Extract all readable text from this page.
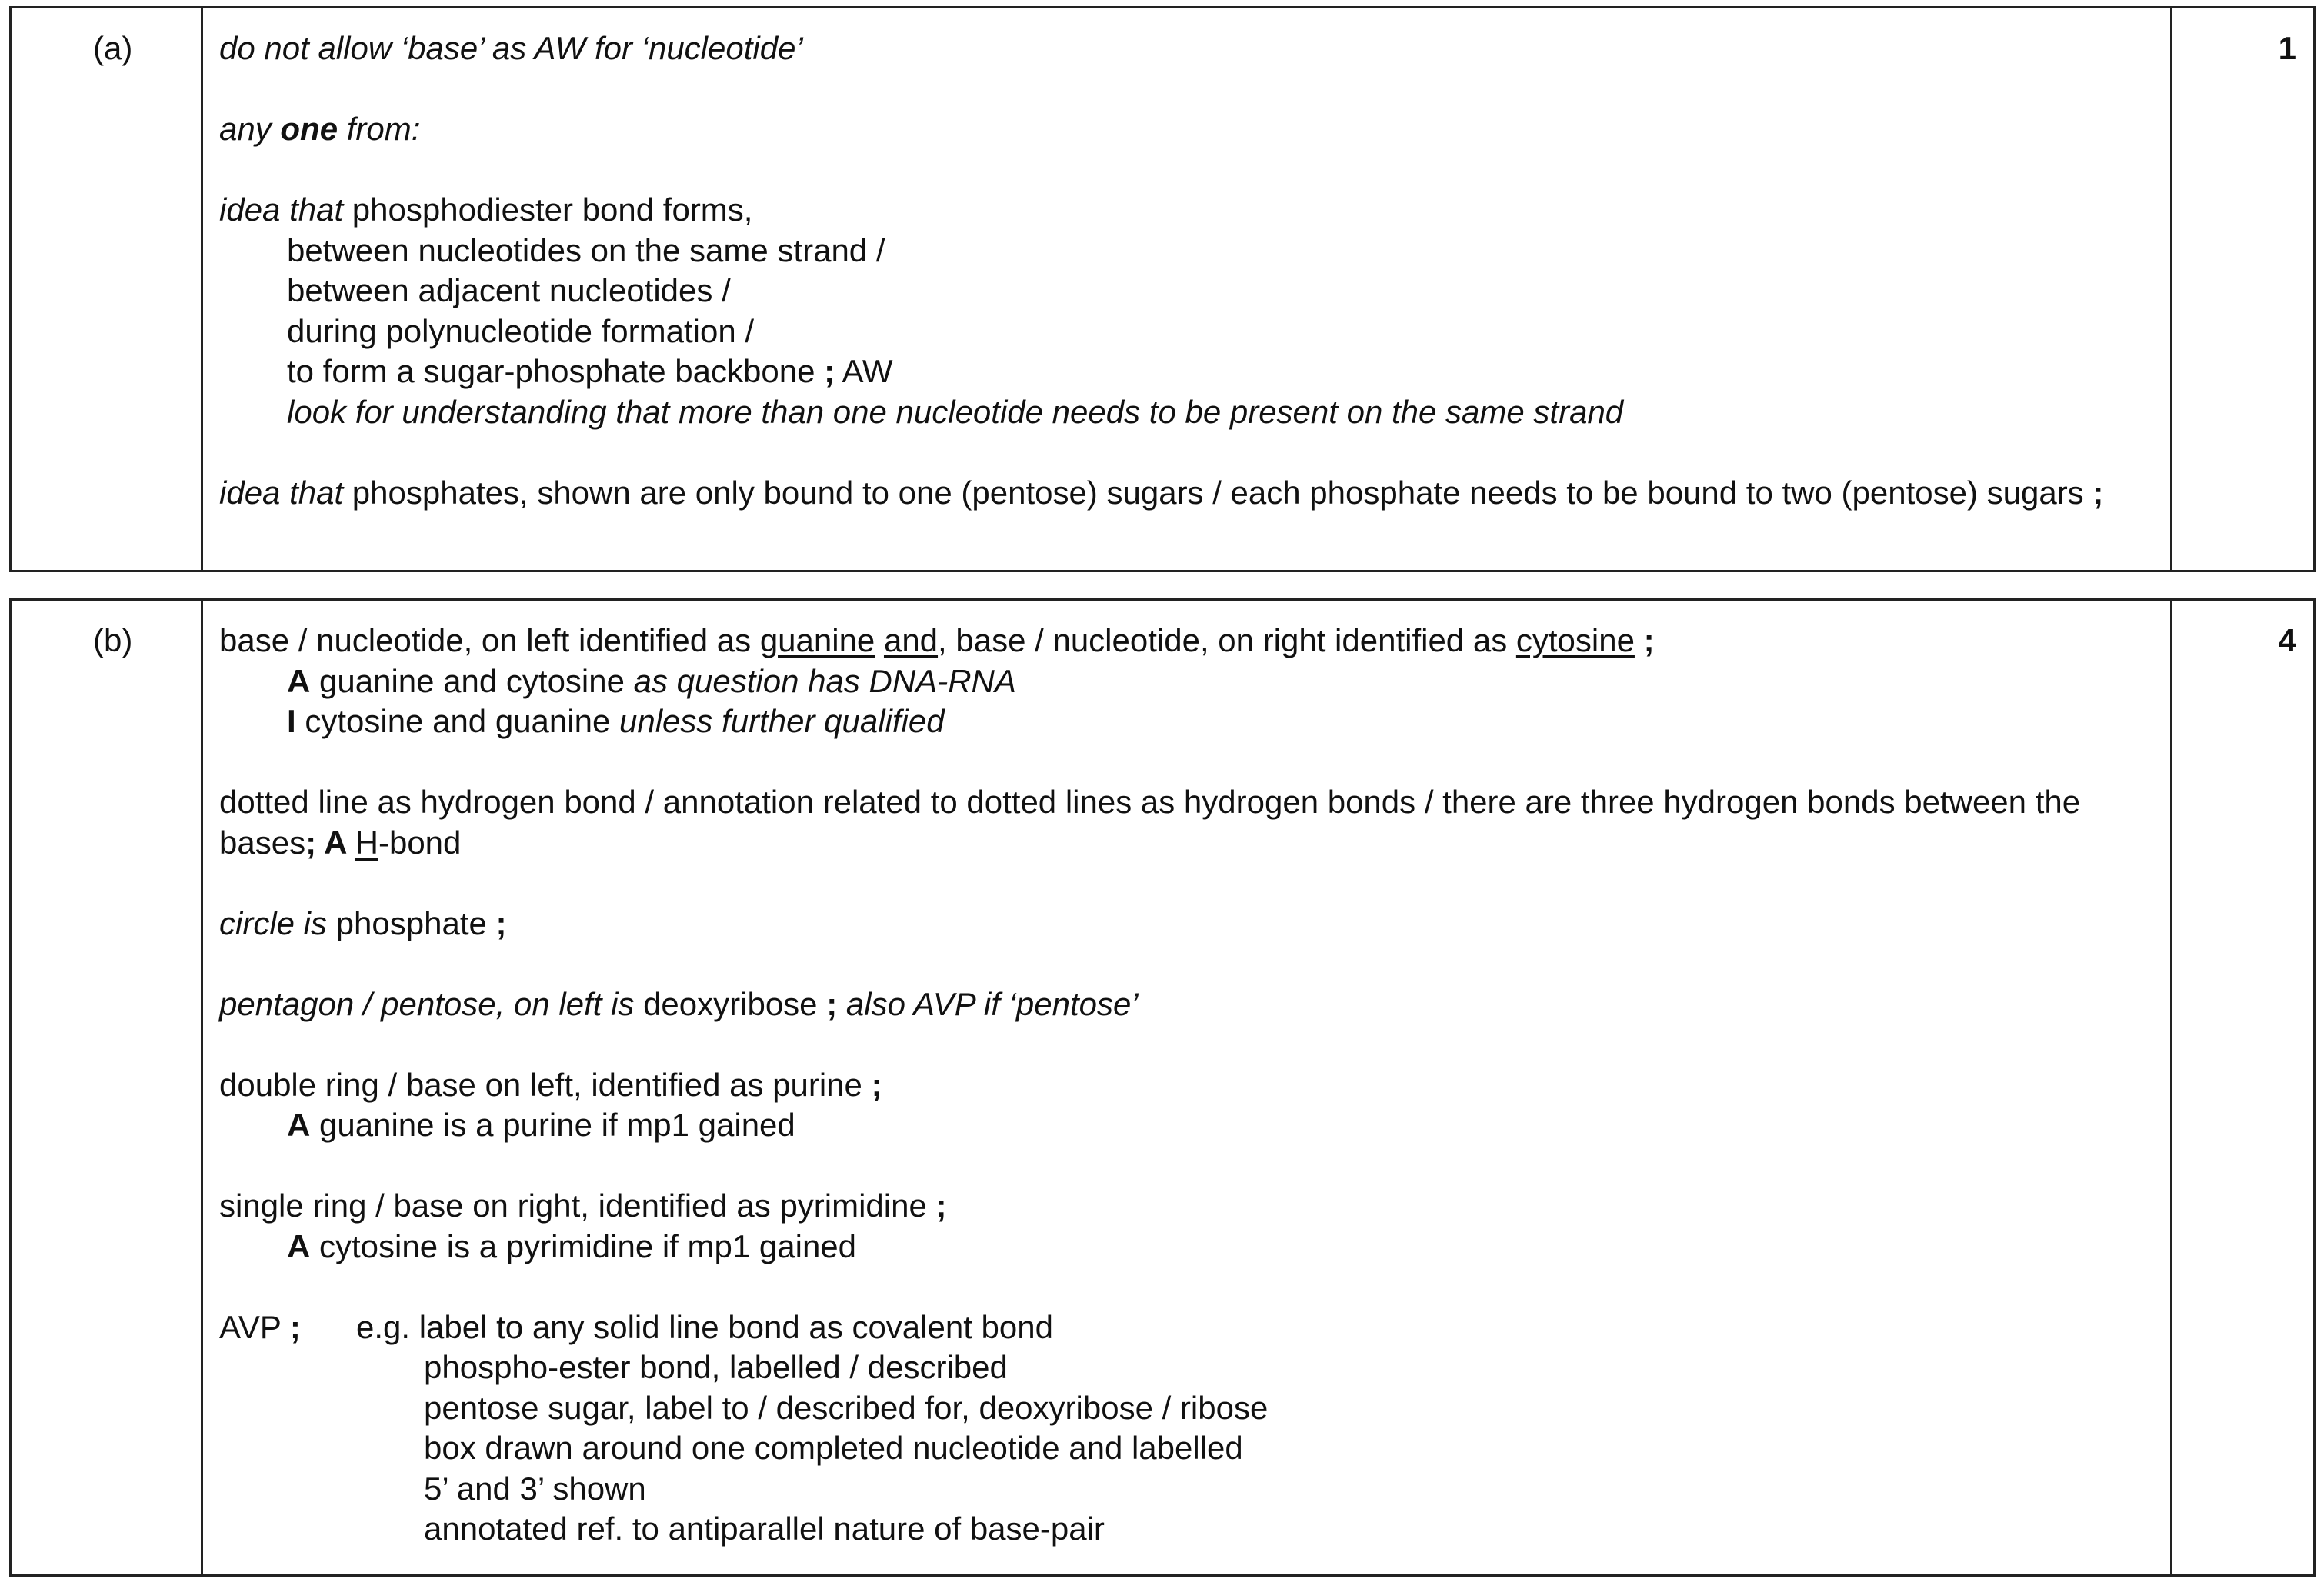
(a)	1

do not allow ‘base’ as AW for ‘nucleotide’

any one from:

idea that phosphodiester bond forms,

between nucleotides on the same strand /

between adjacent nucleotides /

during polynucleotide formation /

to form a sugar-phosphate backbone ; AW

look for understanding that more than one nucleotide needs to be present on the same strand

idea that phosphates, shown are only bound to one (pentose) sugars / each phosphate needs to be bound to two (pentose) sugars ;

(b)	4

base / nucleotide, on left identified as guanine and, base / nucleotide, on right identified as cytosine ;

A guanine and cytosine as question has DNA-RNA

I cytosine and guanine unless further qualified

dotted line as hydrogen bond / annotation related to dotted lines as hydrogen bonds / there are three hydrogen bonds between the bases; A H-bond

circle is phosphate ;

pentagon / pentose, on left is deoxyribose ; also AVP if ‘pentose’

double ring / base on left, identified as purine ;

A guanine is a purine if mp1 gained

single ring / base on right, identified as pyrimidine ;

A cytosine is a pyrimidine if mp1 gained

AVP ; e.g. label to any solid line bond as covalent bond

phospho-ester bond, labelled / described

pentose sugar, label to / described for, deoxyribose / ribose

box drawn around one completed nucleotide and labelled

5’ and 3’ shown

annotated ref. to antiparallel nature of base-pair
